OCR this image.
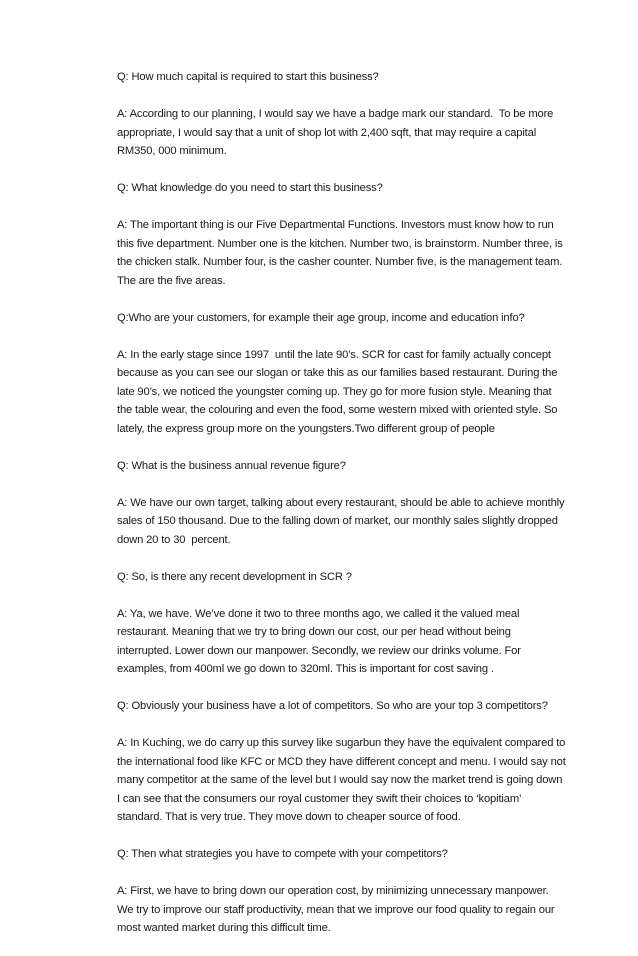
Q: How much capital is required to start this business?

A: According to our planning, I would say we have a badge mark our standard.  To be more appropriate, I would say that a unit of shop lot with 2,400 sqft, that may require a capital RM350, 000 minimum.

Q: What knowledge do you need to start this business?

A: The important thing is our Five Departmental Functions. Investors must know how to run this five department. Number one is the kitchen. Number two, is brainstorm. Number three, is the chicken stalk. Number four, is the casher counter. Number five, is the management team. The are the five areas.

Q:Who are your customers, for example their age group, income and education info?

A: In the early stage since 1997  until the late 90’s. SCR for cast for family actually concept because as you can see our slogan or take this as our families based restaurant. During the late 90’s, we noticed the youngster coming up. They go for more fusion style. Meaning that the table wear, the colouring and even the food, some western mixed with oriented style. So lately, the express group more on the youngsters.Two different group of people

Q: What is the business annual revenue figure?

A: We have our own target, talking about every restaurant, should be able to achieve monthly sales of 150 thousand. Due to the falling down of market, our monthly sales slightly dropped down 20 to 30  percent.

Q: So, is there any recent development in SCR ?

A: Ya, we have. We’ve done it two to three months ago, we called it the valued meal restaurant. Meaning that we try to bring down our cost, our per head without being interrupted. Lower down our manpower. Secondly, we review our drinks volume. For examples, from 400ml we go down to 320ml. This is important for cost saving .

Q: Obviously your business have a lot of competitors. So who are your top 3 competitors?

A: In Kuching, we do carry up this survey like sugarbun they have the equivalent compared to the international food like KFC or MCD they have different concept and menu. I would say not many competitor at the same of the level but I would say now the market trend is going down I can see that the consumers our royal customer they swift their choices to ‘kopitiam’ standard. That is very true. They move down to cheaper source of food.

Q: Then what strategies you have to compete with your competitors?

A: First, we have to bring down our operation cost, by minimizing unnecessary manpower. We try to improve our staff productivity, mean that we improve our food quality to regain our most wanted market during this difficult time.
